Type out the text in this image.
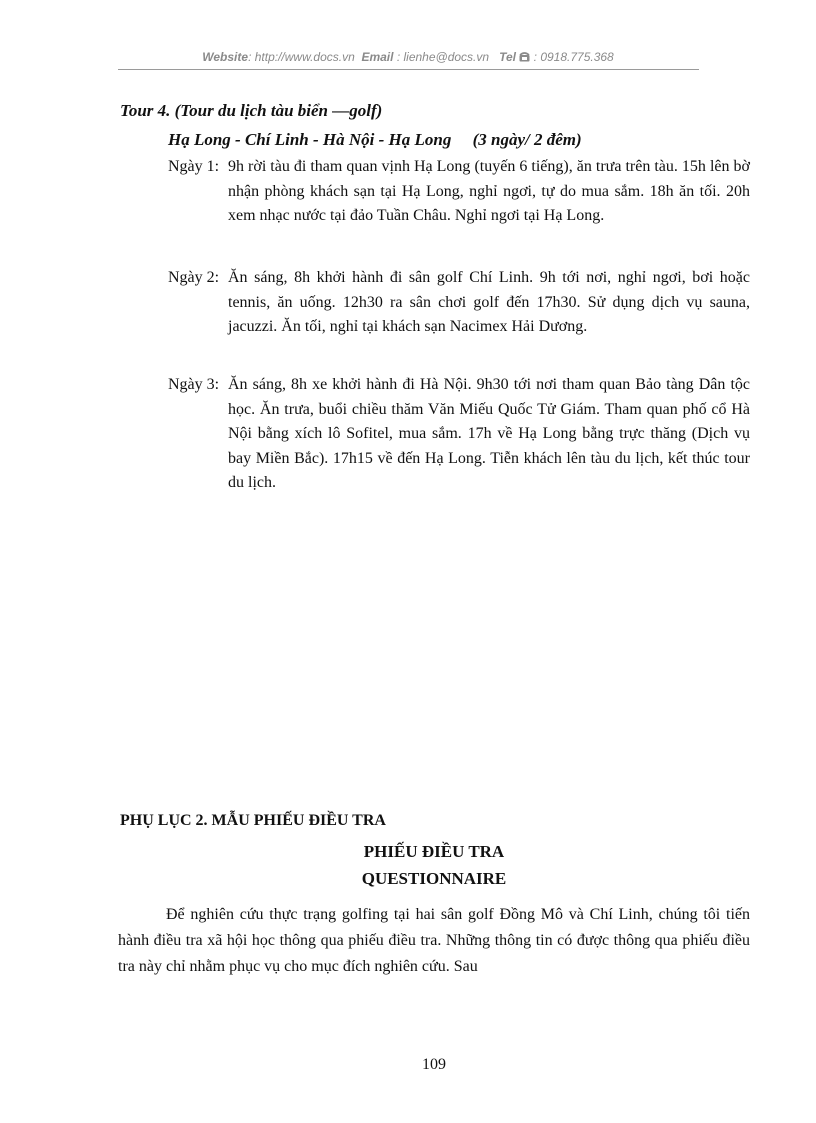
Website: http://www.docs.vn Email : lienhe@docs.vn Tel : 0918.775.368
Tour 4. (Tour du lịch tàu biển —golf)
Hạ Long - Chí Linh - Hà Nội - Hạ Long (3 ngày/ 2 đêm)
Ngày 1: 9h rời tàu đi tham quan vịnh Hạ Long (tuyến 6 tiếng), ăn trưa trên tàu. 15h lên bờ nhận phòng khách sạn tại Hạ Long, nghỉ ngơi, tự do mua sắm. 18h ăn tối. 20h xem nhạc nước tại đảo Tuần Châu. Nghỉ ngơi tại Hạ Long.
Ngày 2: Ăn sáng, 8h khởi hành đi sân golf Chí Linh. 9h tới nơi, nghỉ ngơi, bơi hoặc tennis, ăn uống. 12h30 ra sân chơi golf đến 17h30. Sử dụng dịch vụ sauna, jacuzzi. Ăn tối, nghỉ tại khách sạn Nacimex Hải Dương.
Ngày 3: Ăn sáng, 8h xe khởi hành đi Hà Nội. 9h30 tới nơi tham quan Bảo tàng Dân tộc học. Ăn trưa, buổi chiều thăm Văn Miếu Quốc Tử Giám. Tham quan phố cổ Hà Nội bằng xích lô Sofitel, mua sắm. 17h về Hạ Long bằng trực thăng (Dịch vụ bay Miền Bắc). 17h15 về đến Hạ Long. Tiễn khách lên tàu du lịch, kết thúc tour du lịch.
PHỤ LỤC 2. MẪU PHIẾU ĐIỀU TRA
PHIẾU ĐIỀU TRA
QUESTIONNAIRE
Để nghiên cứu thực trạng golfing tại hai sân golf Đồng Mô và Chí Linh, chúng tôi tiến hành điều tra xã hội học thông qua phiếu điều tra. Những thông tin có được thông qua phiếu điều tra này chỉ nhằm phục vụ cho mục đích nghiên cứu. Sau
109
